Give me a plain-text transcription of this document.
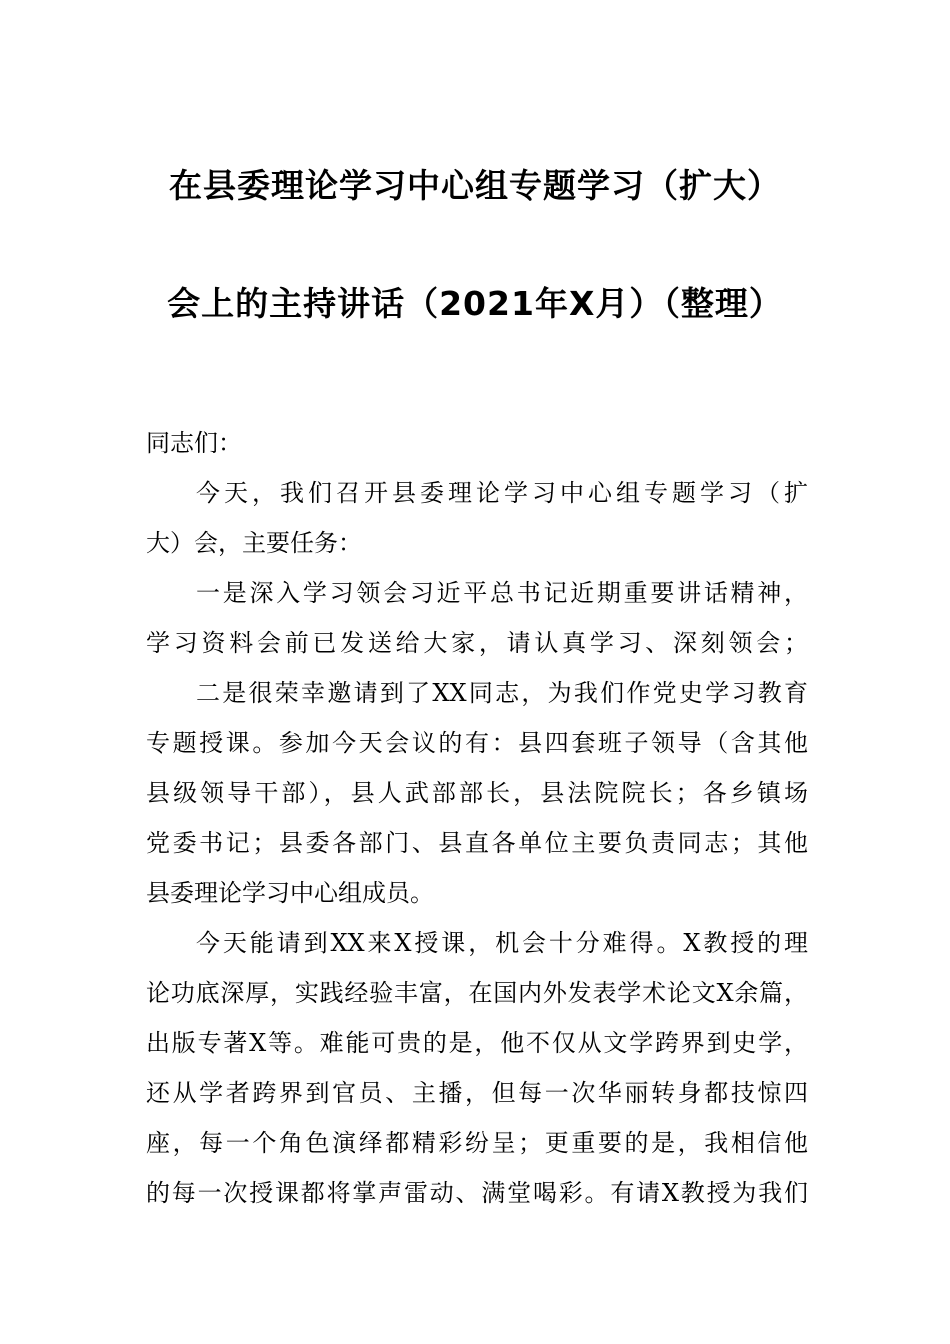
在县委理论学习中心组专题学习（扩大）
会上的主持讲话（2021年X月）（整理）
同志们：
今天，我们召开县委理论学习中心组专题学习（扩
大）会，主要任务：
一是深入学习领会习近平总书记近期重要讲话精神，
学习资料会前已发送给大家，请认真学习、深刻领会；
二是很荣幸邀请到了XX同志，为我们作党史学习教育
专题授课。参加今天会议的有：县四套班子领导（含其他
县级领导干部），县人武部部长，县法院院长；各乡镇场
党委书记；县委各部门、县直各单位主要负责同志；其他
县委理论学习中心组成员。
今天能请到XX来X授课，机会十分难得。X教授的理
论功底深厚，实践经验丰富，在国内外发表学术论文X余篇，
出版专著X等。难能可贵的是，他不仅从文学跨界到史学，
还从学者跨界到官员、主播，但每一次华丽转身都技惊四
座，每一个角色演绎都精彩纷呈；更重要的是，我相信他
的每一次授课都将掌声雷动、满堂喝彩。有请X教授为我们
